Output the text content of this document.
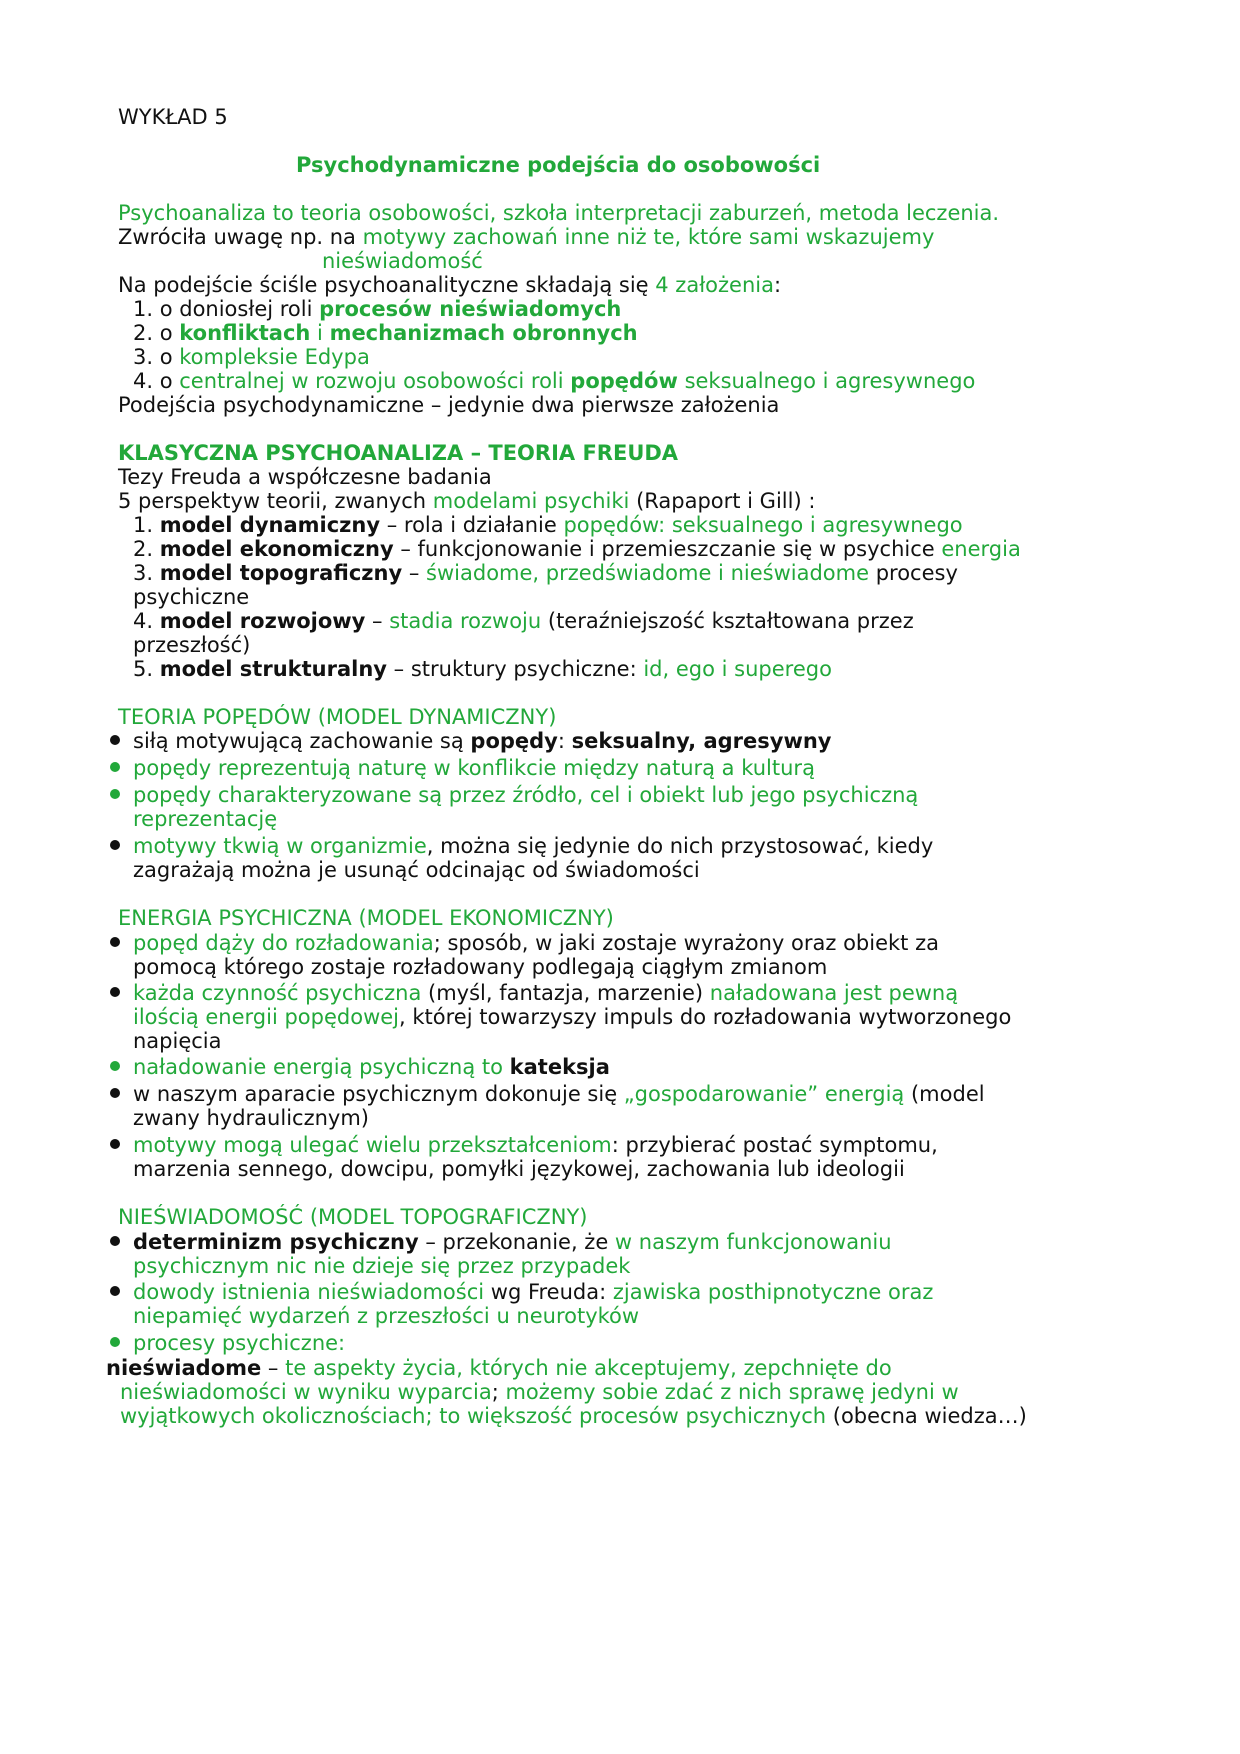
WYKŁAD 5
Psychodynamiczne podejścia do osobowości
Psychoanaliza to teoria osobowości, szkoła interpretacji zaburzeń, metoda leczenia.
Zwróciła uwagę np. na motywy zachowań inne niż te, które sami wskazujemy
nieświadomość
Na podejście ściśle psychoanalityczne składają się 4 założenia:
1. o doniosłej roli procesów nieświadomych
2. o konfliktach i mechanizmach obronnych
3. o kompleksie Edypa
4. o centralnej w rozwoju osobowości roli popędów seksualnego i agresywnego
Podejścia psychodynamiczne – jedynie dwa pierwsze założenia
KLASYCZNA PSYCHOANALIZA – TEORIA FREUDA
Tezy Freuda a współczesne badania
5 perspektyw teorii, zwanych modelami psychiki (Rapaport i Gill) :
1. model dynamiczny – rola i działanie popędów: seksualnego i agresywnego
2. model ekonomiczny – funkcjonowanie i przemieszczanie się w psychice energia
3. model topograficzny – świadome, przedświadome i nieświadome procesy
psychiczne
4. model rozwojowy – stadia rozwoju (teraźniejszość kształtowana przez
przeszłość)
5. model strukturalny – struktury psychiczne: id, ego i superego
TEORIA POPĘDÓW (MODEL DYNAMICZNY)
siłą motywującą zachowanie są popędy: seksualny, agresywny
popędy reprezentują naturę w konflikcie między naturą a kulturą
popędy charakteryzowane są przez źródło, cel i obiekt lub jego psychiczną
reprezentację
motywy tkwią w organizmie, można się jedynie do nich przystosować, kiedy
zagrażają można je usunąć odcinając od świadomości
ENERGIA PSYCHICZNA (MODEL EKONOMICZNY)
popęd dąży do rozładowania; sposób, w jaki zostaje wyrażony oraz obiekt za
pomocą którego zostaje rozładowany podlegają ciągłym zmianom
każda czynność psychiczna (myśl, fantazja, marzenie) naładowana jest pewną
ilością energii popędowej, której towarzyszy impuls do rozładowania wytworzonego
napięcia
naładowanie energią psychiczną to kateksja
w naszym aparacie psychicznym dokonuje się „gospodarowanie” energią (model
zwany hydraulicznym)
motywy mogą ulegać wielu przekształceniom: przybierać postać symptomu,
marzenia sennego, dowcipu, pomyłki językowej, zachowania lub ideologii
NIEŚWIADOMOŚĆ (MODEL TOPOGRAFICZNY)
determinizm psychiczny – przekonanie, że w naszym funkcjonowaniu
psychicznym nic nie dzieje się przez przypadek
dowody istnienia nieświadomości wg Freuda: zjawiska posthipnotyczne oraz
niepamięć wydarzeń z przeszłości u neurotyków
procesy psychiczne:
nieświadome – te aspekty życia, których nie akceptujemy, zepchnięte do
nieświadomości w wyniku wyparcia; możemy sobie zdać z nich sprawę jedyni w
wyjątkowych okolicznościach; to większość procesów psychicznych (obecna wiedza…)
